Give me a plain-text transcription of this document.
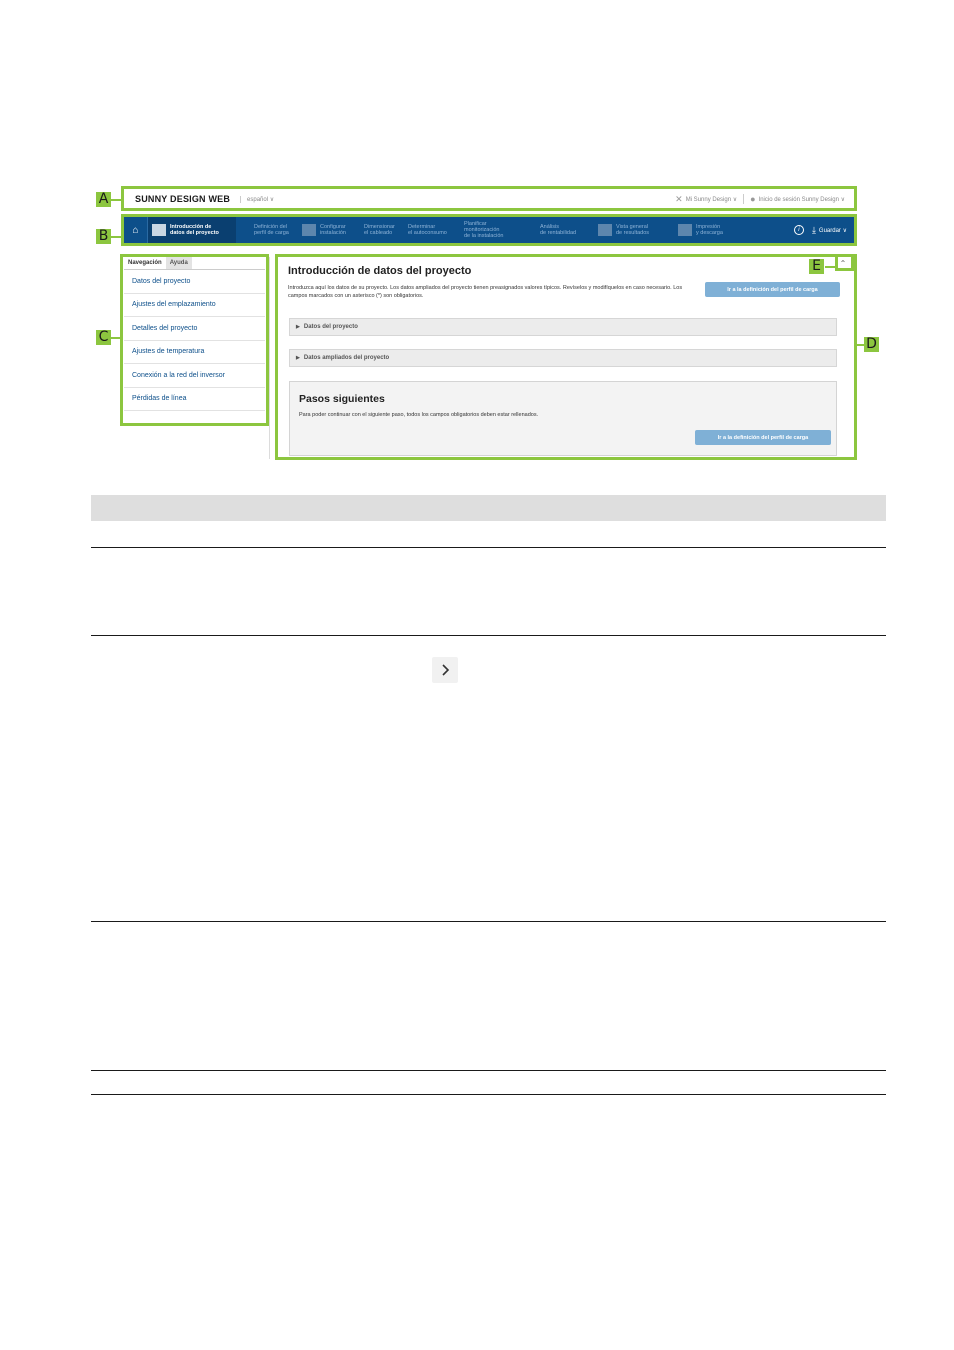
SUNNY DESIGN WEB	español ∨	✕ Mi Sunny Design ∨ ● Inicio de sesión Sunny Design ∨
⌂	Introducción de
datos del proyecto
Definición del
perfil de carga
Configurar
instalación
Dimensionar
el cableado
Determinar
el autoconsumo
Planificar
monitorización
de la instalación
Análisis
de rentabilidad
Vista general
de resultados
Impresión
y descarga	i	⤓ Guardar ∨
Navegación	Ayuda
Datos del proyecto
Ajustes del emplazamiento
Detalles del proyecto
Ajustes de temperatura
Conexión a la red del inversor
Pérdidas de línea
Introducción de datos del proyecto
Introduzca aquí los datos de su proyecto. Los datos ampliados del proyecto tienen preasignados valores típicos. Revíselos y modifíquelos en caso necesario. Los campos marcados con un asterisco (*) son obligatorios.
Ir a la definición del perfil de carga
▶ Datos del proyecto
▶ Datos ampliados del proyecto
Pasos siguientes
Para poder continuar con el siguiente paso, todos los campos obligatorios deben estar rellenados.
Ir a la definición del perfil de carga
⌃
A
B
C	D
E
